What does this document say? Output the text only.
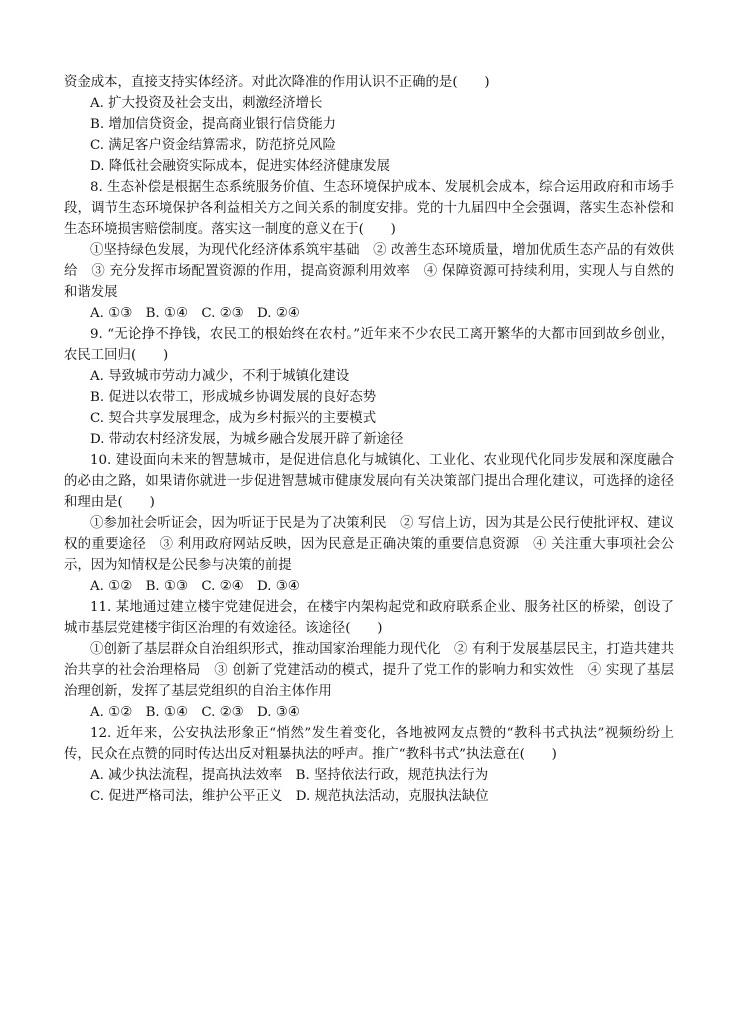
资金成本，直接支持实体经济。对此次降准的作用认识不正确的是(　　)
A. 扩大投资及社会支出，刺激经济增长
B. 增加信贷资金，提高商业银行信贷能力
C. 满足客户资金结算需求，防范挤兑风险
D. 降低社会融资实际成本，促进实体经济健康发展
8. 生态补偿是根据生态系统服务价值、生态环境保护成本、发展机会成本，综合运用政府和市场手段，调节生态环境保护各利益相关方之间关系的制度安排。党的十九届四中全会强调，落实生态补偿和生态环境损害赔偿制度。落实这一制度的意义在于(　　)
①坚持绿色发展，为现代化经济体系筑牢基础　② 改善生态环境质量，增加优质生态产品的有效供给　③ 充分发挥市场配置资源的作用，提高资源利用效率　④ 保障资源可持续利用，实现人与自然的和谐发展
A. ①③　B. ①④　C. ②③　D. ②④
9. “无论挣不挣钱，农民工的根始终在农村。”近年来不少农民工离开繁华的大都市回到故乡创业，农民工回归(　　)
A. 导致城市劳动力减少，不利于城镇化建设
B. 促进以农带工，形成城乡协调发展的良好态势
C. 契合共享发展理念，成为乡村振兴的主要模式
D. 带动农村经济发展，为城乡融合发展开辟了新途径
10. 建设面向未来的智慧城市，是促进信息化与城镇化、工业化、农业现代化同步发展和深度融合的必由之路，如果请你就进一步促进智慧城市健康发展向有关决策部门提出合理化建议，可选择的途径和理由是(　　)
①参加社会听证会，因为听证于民是为了决策利民　② 写信上访，因为其是公民行使批评权、建议权的重要途径　③ 利用政府网站反映，因为民意是正确决策的重要信息资源　④ 关注重大事项社会公示，因为知情权是公民参与决策的前提
A. ①②　B. ①③　C. ②④　D. ③④
11. 某地通过建立楼宇党建促进会，在楼宇内架构起党和政府联系企业、服务社区的桥梁，创设了城市基层党建楼宇街区治理的有效途径。该途径(　　)
①创新了基层群众自治组织形式，推动国家治理能力现代化　② 有利于发展基层民主，打造共建共治共享的社会治理格局　③ 创新了党建活动的模式，提升了党工作的影响力和实效性　④ 实现了基层治理创新，发挥了基层党组织的自治主体作用
A. ①②　B. ①④　C. ②③　D. ③④
12. 近年来，公安执法形象正“悄然”发生着变化，各地被网友点赞的“教科书式执法”视频纷纷上传，民众在点赞的同时传达出反对粗暴执法的呼声。推广“教科书式”执法意在(　　)
A. 减少执法流程，提高执法效率　B. 坚持依法行政，规范执法行为
C. 促进严格司法，维护公平正义　D. 规范执法活动，克服执法缺位
